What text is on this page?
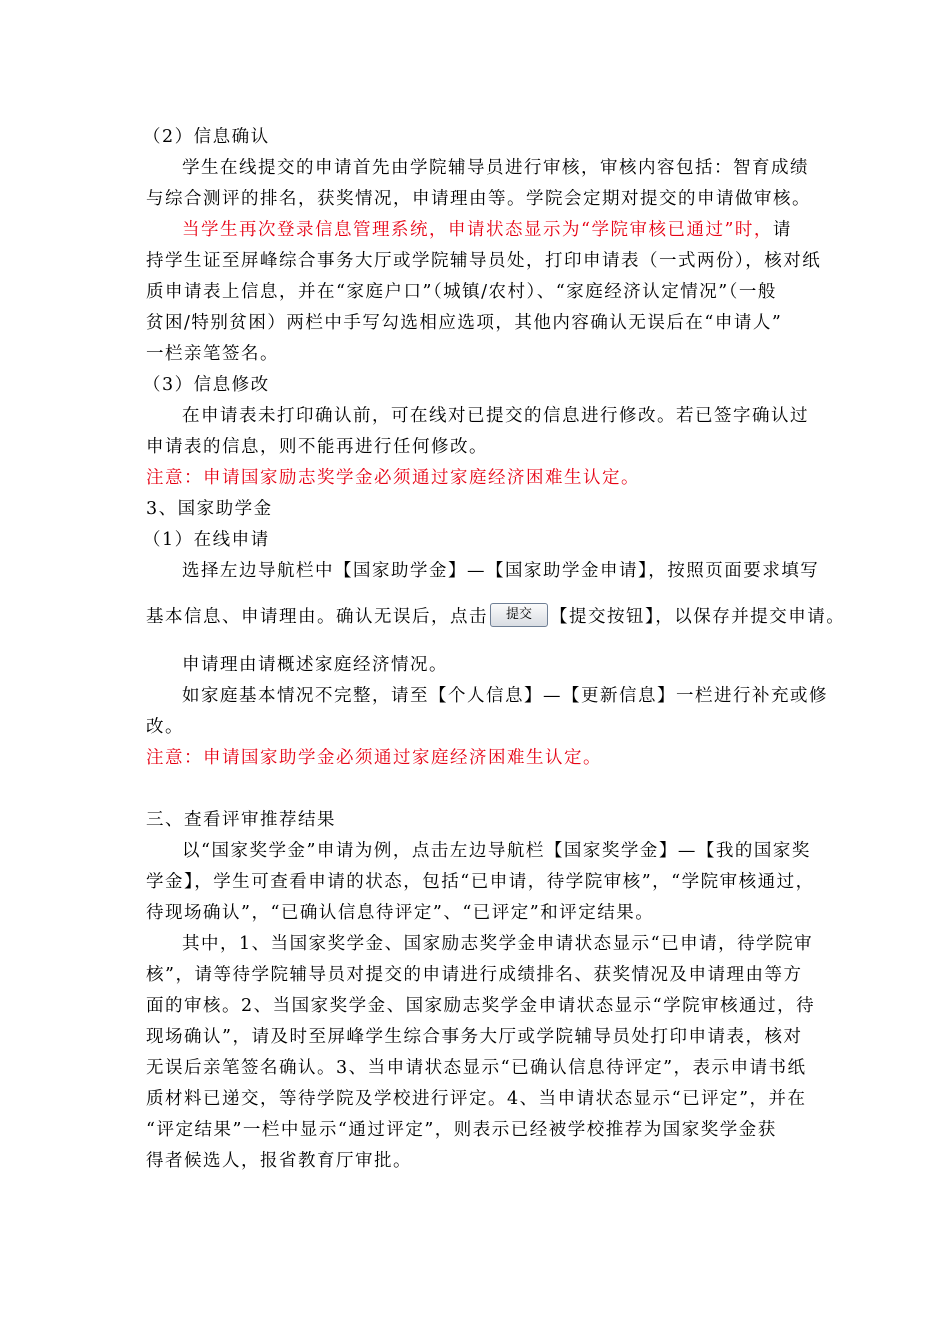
（2）信息确认
学生在线提交的申请首先由学院辅导员进行审核，审核内容包括：智育成绩
与综合测评的排名，获奖情况，申请理由等。学院会定期对提交的申请做审核。
当学生再次登录信息管理系统，申请状态显示为“学院审核已通过”时，请
持学生证至屏峰综合事务大厅或学院辅导员处，打印申请表（一式两份），核对纸
质申请表上信息，并在“家庭户口”（城镇/农村）、“家庭经济认定情况”（一般
贫困/特别贫困）两栏中手写勾选相应选项，其他内容确认无误后在“申请人”
一栏亲笔签名。
（3）信息修改
在申请表未打印确认前，可在线对已提交的信息进行修改。若已签字确认过
申请表的信息，则不能再进行任何修改。
注意：申请国家励志奖学金必须通过家庭经济困难生认定。
3、国家助学金
（1）在线申请
选择左边导航栏中【国家助学金】—【国家助学金申请】，按照页面要求填写
基本信息、申请理由。确认无误后，点击 提交 【提交按钮】，以保存并提交申请。
申请理由请概述家庭经济情况。
如家庭基本情况不完整，请至【个人信息】—【更新信息】一栏进行补充或修
改。
注意：申请国家助学金必须通过家庭经济困难生认定。
三、查看评审推荐结果
以“国家奖学金”申请为例，点击左边导航栏【国家奖学金】—【我的国家奖
学金】，学生可查看申请的状态，包括“已申请，待学院审核”，“学院审核通过，
待现场确认”，“已确认信息待评定”、“已评定”和评定结果。
其中，1、当国家奖学金、国家励志奖学金申请状态显示“已申请，待学院审
核”，请等待学院辅导员对提交的申请进行成绩排名、获奖情况及申请理由等方
面的审核。2、当国家奖学金、国家励志奖学金申请状态显示“学院审核通过，待
现场确认”，请及时至屏峰学生综合事务大厅或学院辅导员处打印申请表，核对
无误后亲笔签名确认。3、当申请状态显示“已确认信息待评定”，表示申请书纸
质材料已递交，等待学院及学校进行评定。4、当申请状态显示“已评定”，并在
“评定结果”一栏中显示“通过评定”，则表示已经被学校推荐为国家奖学金获
得者候选人，报省教育厅审批。
